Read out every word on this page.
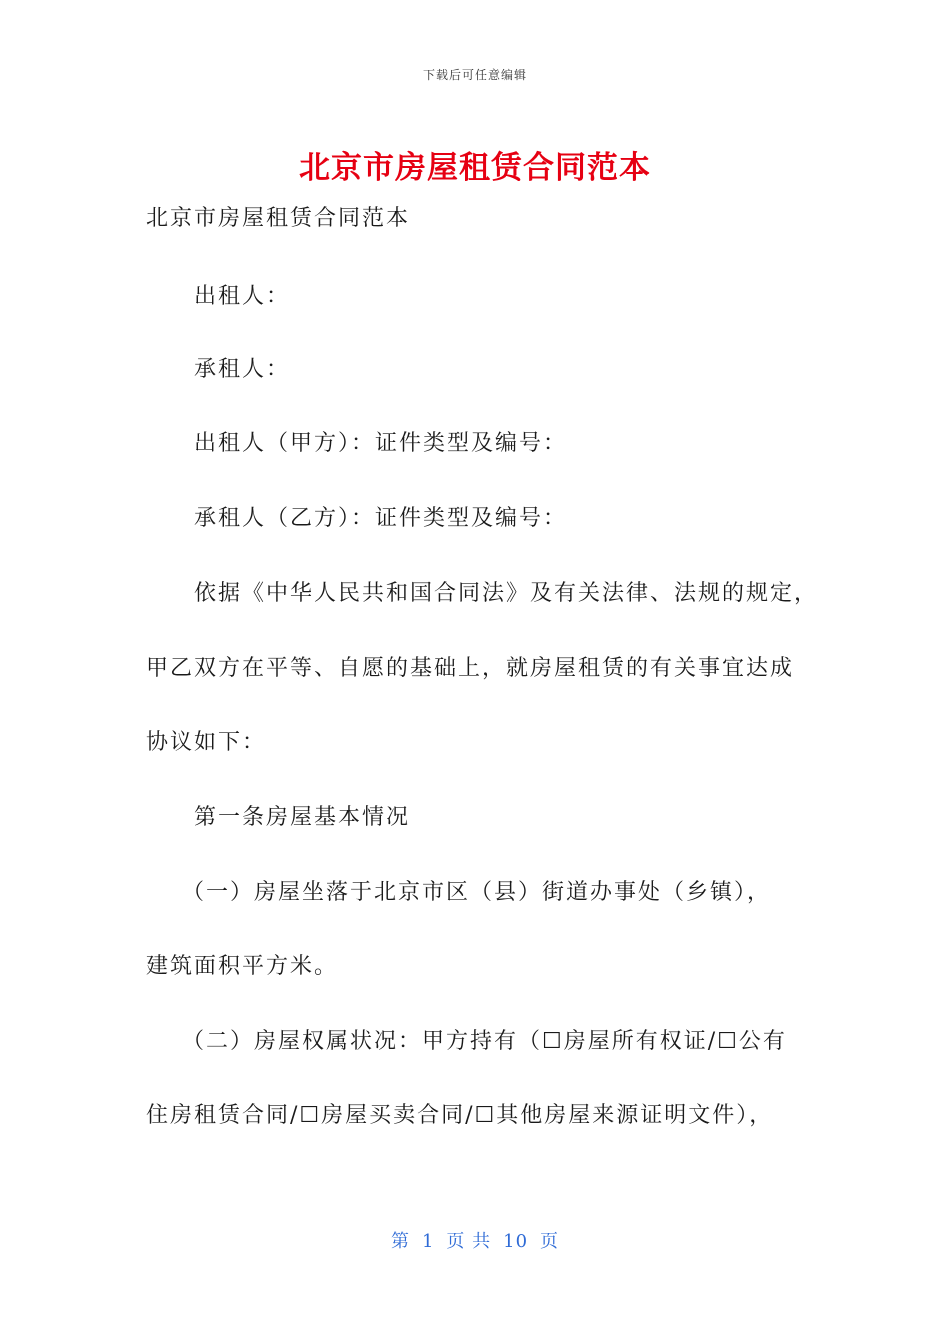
下载后可任意编辑
北京市房屋租赁合同范本
北京市房屋租赁合同范本
出租人：
承租人：
出租人（甲方）：证件类型及编号：
承租人（乙方）：证件类型及编号：
依据《中华人民共和国合同法》及有关法律、法规的规定，
甲乙双方在平等、自愿的基础上，就房屋租赁的有关事宜达成
协议如下：
第一条房屋基本情况
（一）房屋坐落于北京市区（县）街道办事处（乡镇），
建筑面积平方米。
（二）房屋权属状况：甲方持有（☐房屋所有权证/☐公有
住房租赁合同/☐房屋买卖合同/☐其他房屋来源证明文件），
第 1 页 共 10 页
